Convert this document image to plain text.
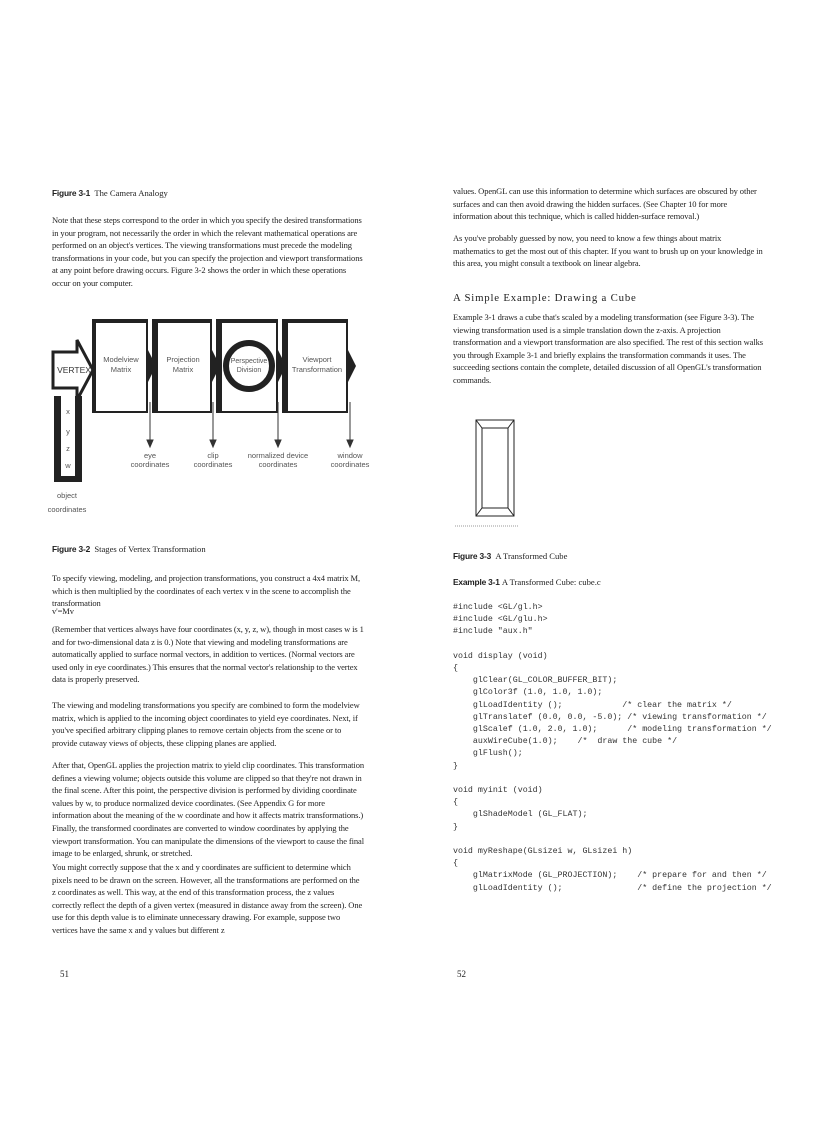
Figure 3-1 The Camera Analogy

Note that these steps correspond to the order in which you specify the desired transformations in your program, not necessarily the order in which the relevant mathematical operations are performed on an object's vertices. The viewing transformations must precede the modeling transformations in your code, but you can specify the projection and viewport transformations at any point before drawing occurs. Figure 3-2 shows the order in which these operations occur on your computer.

Figure 3-2 Stages of Vertex Transformation

To specify viewing, modeling, and projection transformations, you construct a 4x4 matrix M, which is then multiplied by the coordinates of each vertex v in the scene to accomplish the transformation

v'=Mv

(Remember that vertices always have four coordinates (x, y, z, w), though in most cases w is 1 and for two-dimensional data z is 0.) Note that viewing and modeling transformations are automatically applied to surface normal vectors, in addition to vertices. (Normal vectors are used only in eye coordinates.) This ensures that the normal vector's relationship to the vertex data is properly preserved.

The viewing and modeling transformations you specify are combined to form the modelview matrix, which is applied to the incoming object coordinates to yield eye coordinates. Next, if you've specified arbitrary clipping planes to remove certain objects from the scene or to provide cutaway views of objects, these clipping planes are applied.

After that, OpenGL applies the projection matrix to yield clip coordinates. This transformation defines a viewing volume; objects outside this volume are clipped so that they're not drawn in the final scene. After this point, the perspective division is performed by dividing coordinate values by w, to produce normalized device coordinates. (See Appendix G for more information about the meaning of the w coordinate and how it affects matrix transformations.) Finally, the transformed coordinates are converted to window coordinates by applying the viewport transformation. You can manipulate the dimensions of the viewport to cause the final image to be enlarged, shrunk, or stretched.

You might correctly suppose that the x and y coordinates are sufficient to determine which pixels need to be drawn on the screen. However, all the transformations are performed on the z coordinates as well. This way, at the end of this transformation process, the z values correctly reflect the depth of a given vertex (measured in distance away from the screen). One use for this depth value is to eliminate unnecessary drawing. For example, suppose two vertices have the same x and y values but different z

51
VERTEX
Modelview
Matrix
Projection
Matrix
Perspective
Division
Viewport
Transformation
eye
coordinates
clip
coordinates
normalized device
coordinates
window
coordinates
x
y
z
w
object
coordinates

values. OpenGL can use this information to determine which surfaces are obscured by other surfaces and can then avoid drawing the hidden surfaces. (See Chapter 10 for more information about this technique, which is called hidden-surface removal.)

As you've probably guessed by now, you need to know a few things about matrix mathematics to get the most out of this chapter. If you want to brush up on your knowledge in this area, you might consult a textbook on linear algebra.

A Simple Example: Drawing a Cube

Example 3-1 draws a cube that's scaled by a modeling transformation (see Figure 3-3). The viewing transformation used is a simple translation down the z-axis. A projection transformation and a viewport transformation are also specified. The rest of this section walks you through Example 3-1 and briefly explains the transformation commands it uses. The succeeding sections contain the complete, detailed discussion of all OpenGL's transformation commands.

Figure 3-3 A Transformed Cube
Example 3-1 A Transformed Cube: cube.c
#include <GL/gl.h>
#include <GL/glu.h>
#include "aux.h"

void display (void)
{
glClear(GL_COLOR_BUFFER_BIT);
glColor3f (1.0, 1.0, 1.0);
glLoadIdentity ();            /* clear the matrix */
glTranslatef (0.0, 0.0, -5.0); /* viewing transformation */
glScalef (1.0, 2.0, 1.0);      /* modeling transformation */
auxWireCube(1.0);    /*  draw the cube */
glFlush();
}

void myinit (void)
{
glShadeModel (GL_FLAT);
}

void myReshape(GLsizei w, GLsizei h)
{
glMatrixMode (GL_PROJECTION);    /* prepare for and then */
glLoadIdentity ();               /* define the projection */
52
